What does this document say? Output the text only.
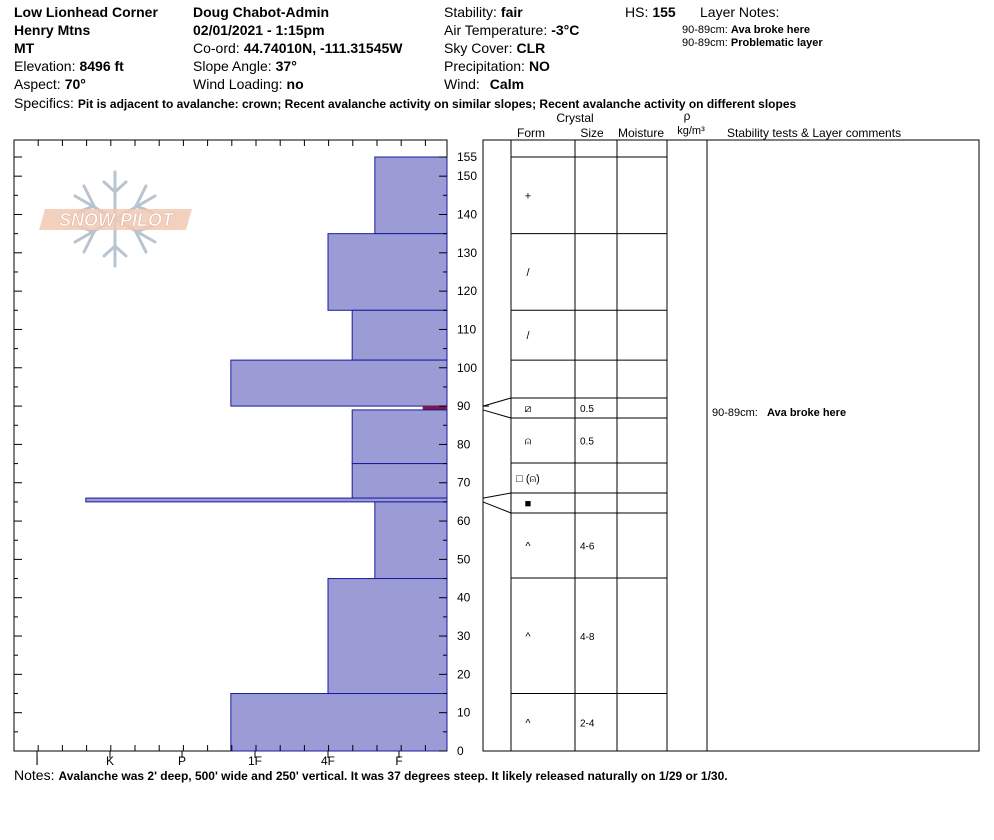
Low Lionhead Corner
Henry Mtns
MT
Elevation: 8496 ft
Aspect: 70°
Doug Chabot-Admin
02/01/2021 - 1:15pm
Co-ord: 44.74010N, -111.31545W
Slope Angle: 37°
Wind Loading: no
Stability: fair
Air Temperature: -3°C
Sky Cover: CLR
Precipitation: NO
Wind: Calm
HS: 155 Layer Notes:
90-89cm: Ava broke here
90-89cm: Problematic layer
Specifics: Pit is adjacent to avalanche: crown; Recent avalanche activity on similar slopes; Recent avalanche activity on different slopes
SNOW PILOT
0
10
20
30
40
50
60
70
80
90
100
110
120
130
140
150
155
I	K	P	1F	4F	F
+
/
/
⧄	0.5
⍝	0.5
□ (⍝)
■
^	4-6
^	4-8
^	2-4
90-89cm: Ava broke here
Crystal
Form	Size Moisture
ρ
kg/m³ Stability tests & Layer comments
Notes: Avalanche was 2' deep, 500' wide and 250' vertical. It was 37 degrees steep. It likely released naturally on 1/29 or 1/30.
